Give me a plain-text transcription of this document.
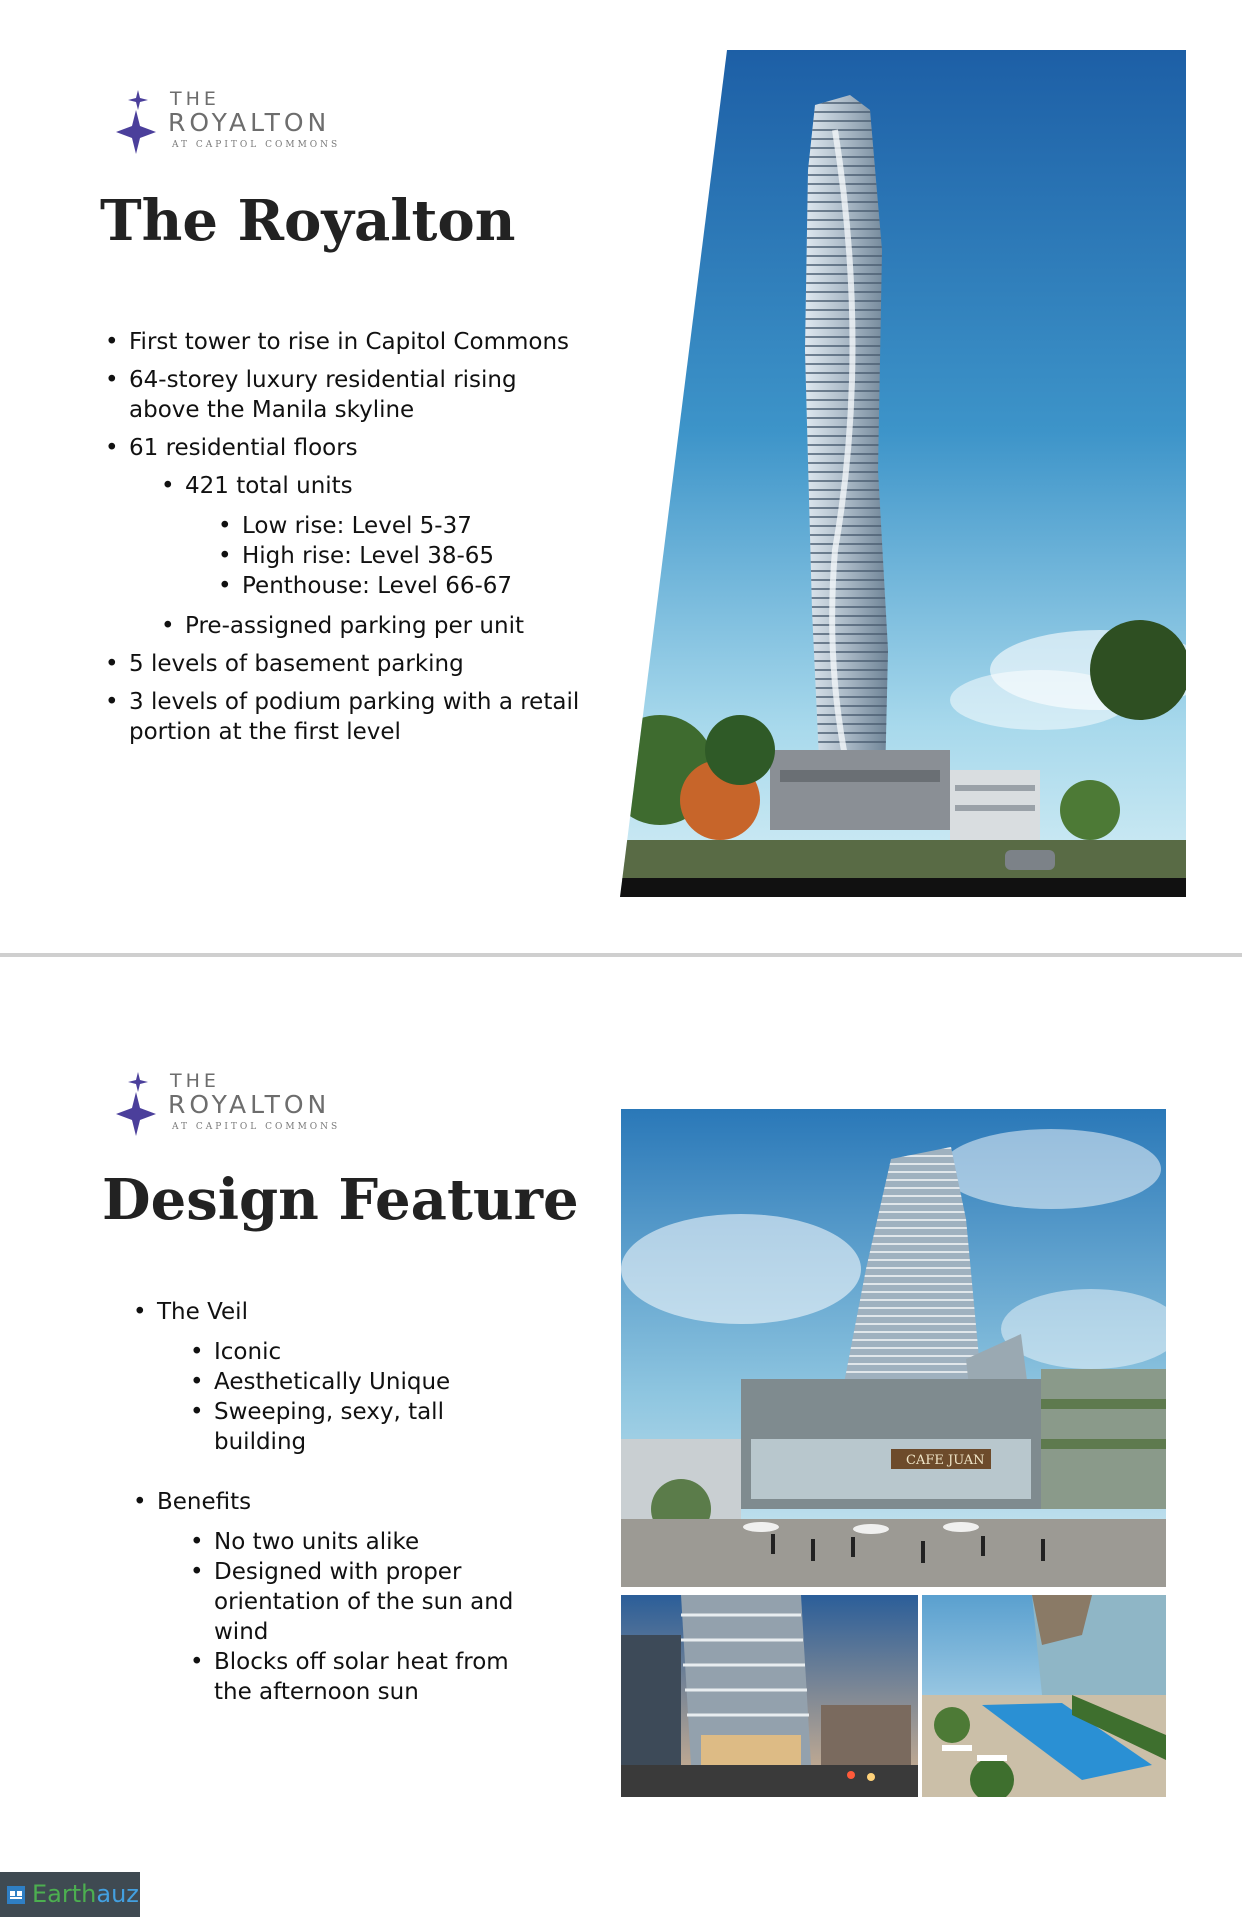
THE
ROYALTON
AT CAPITOL COMMONS
The Royalton
• First tower to rise in Capitol Commons
• 64-storey luxury residential rising above the Manila skyline
• 61 residential floors
• 421 total units
• Low rise: Level 5-37
• High rise: Level 38-65
• Penthouse: Level 66-67
• Pre-assigned parking per unit
• 5 levels of basement parking
• 3 levels of podium parking with a retail portion at the first level
THE
ROYALTON
AT CAPITOL COMMONS
Design Feature
• The Veil
• Iconic
• Aesthetically Unique
• Sweeping, sexy, tall building
• Benefits
• No two units alike
• Designed with proper orientation of the sun and wind
• Blocks off solar heat from the afternoon sun
CAFE JUAN
Earthauz
